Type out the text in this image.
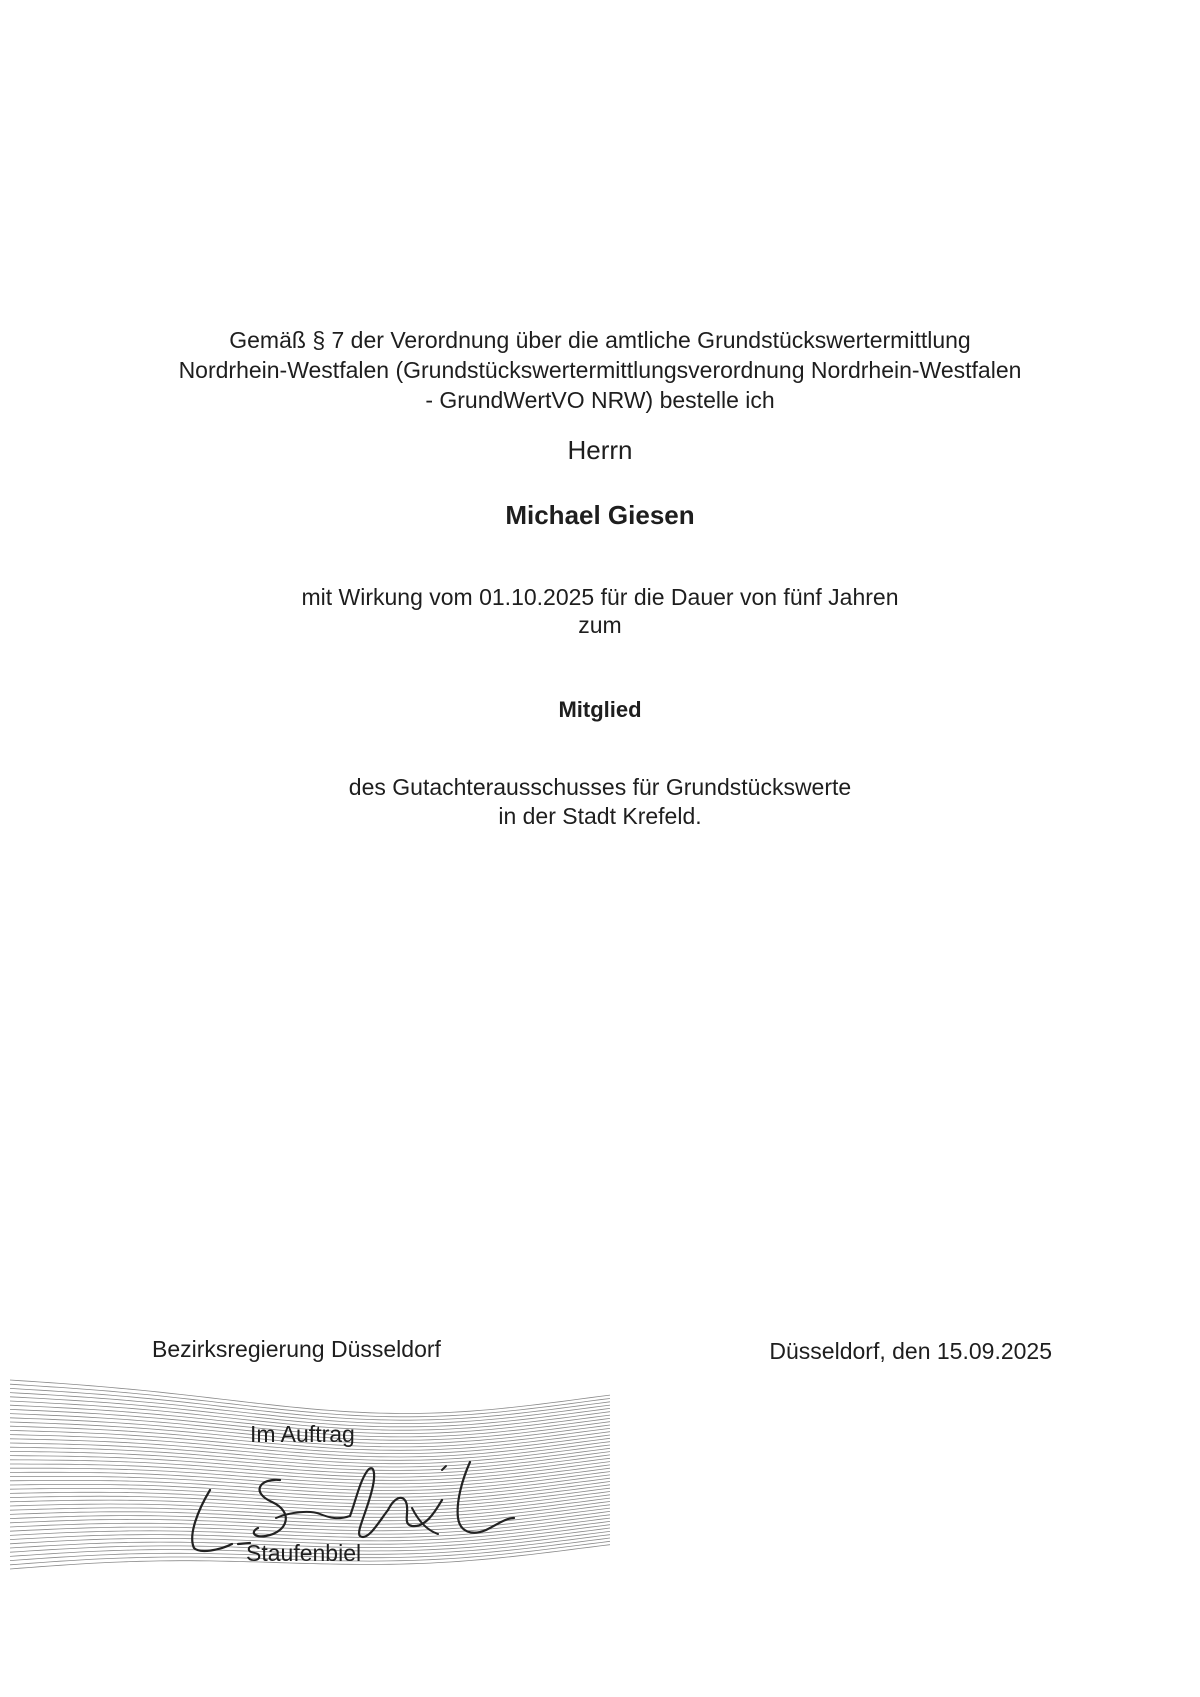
Gemäß § 7 der Verordnung über die amtliche Grundstückswertermittlung
Nordrhein-Westfalen (Grundstückswertermittlungsverordnung Nordrhein-Westfalen
- GrundWertVO NRW) bestelle ich
Herrn
Michael Giesen
mit Wirkung vom 01.10.2025 für die Dauer von fünf Jahren
zum
Mitglied
des Gutachterausschusses für Grundstückswerte
in der Stadt Krefeld.
Bezirksregierung Düsseldorf	Düsseldorf, den 15.09.2025
Im Auftrag
Staufenbiel
